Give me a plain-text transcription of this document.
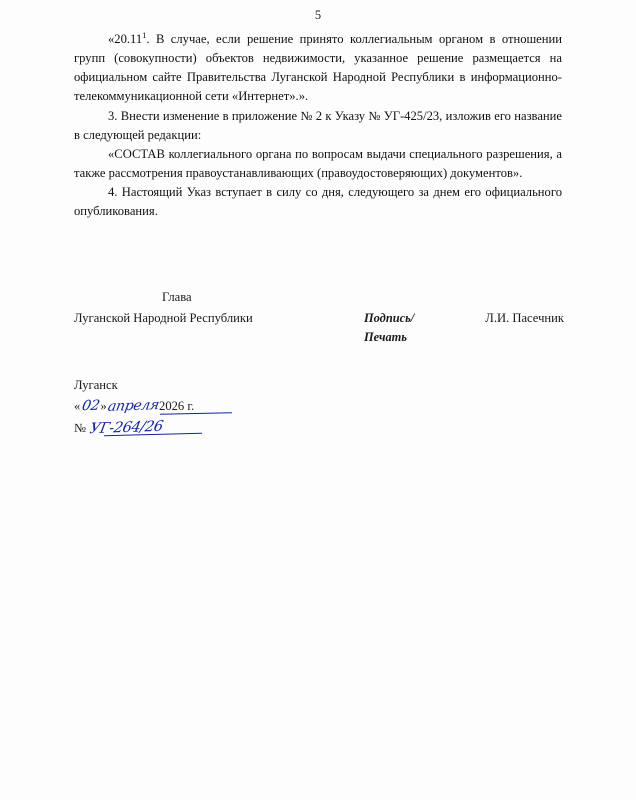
5

«20.11$^1$. В случае, если решение принято коллегиальным органом в отношении групп (совокупности) объектов недвижимости, указанное решение размещается на официальном сайте Правительства Луганской Народной Республики в информационно-телекоммуникационной сети «Интернет».».

3. Внести изменение в приложение № 2 к Указу № УГ-425/23, изложив его название в следующей редакции:

«СОСТАВ коллегиального органа по вопросам выдачи специального разрешения, а также рассмотрения правоустанавливающих (правоудостоверяющих) документов».

4. Настоящий Указ вступает в силу со дня, следующего за днем его официального опубликования.

Глава
Луганской Народной Республики	Подпись/
Печать
Л.И. Пасечник

Луганск

«02»апреля2026 г.

№ УГ-264/26
